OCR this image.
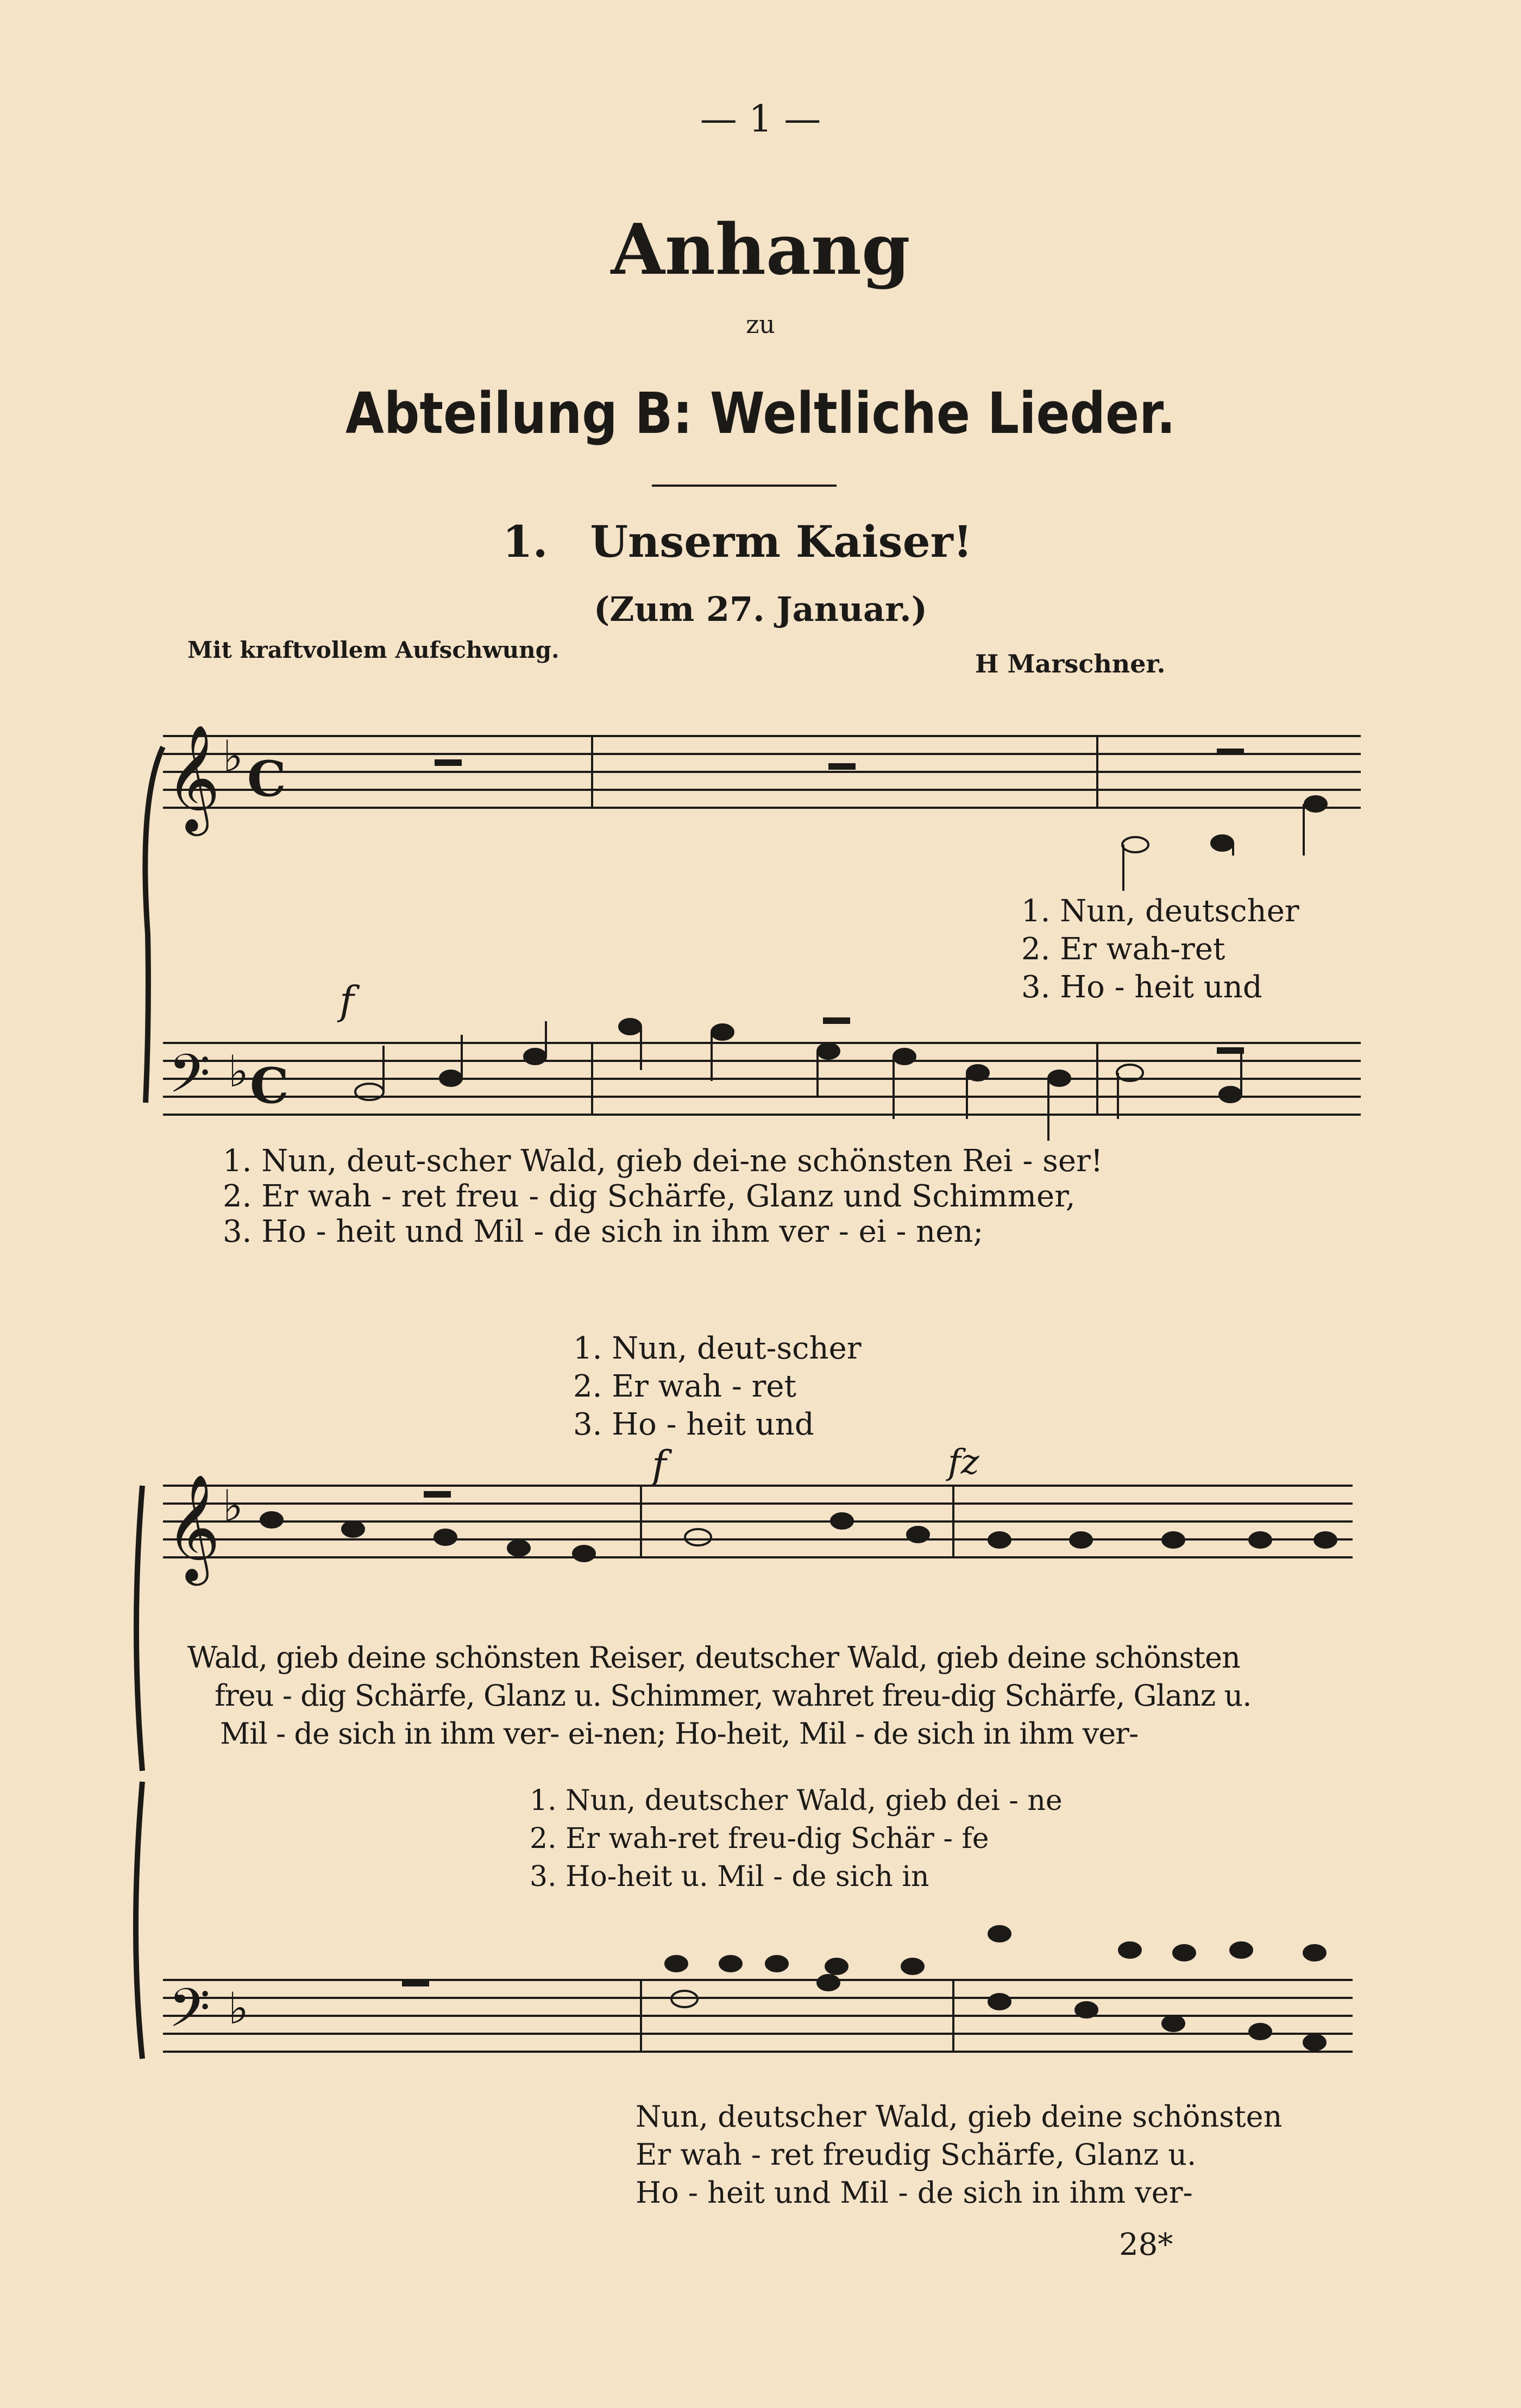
— 1 —
Anhang
zu
Abteilung B: Weltliche Lieder.
1. Unserm Kaiser!
(Zum 27. Januar.)
Mit kraftvollem Aufschwung.	H Marschner.
𝄞 ♭ C
𝄢 ♭ C
𝄞 ♭
𝄢 ♭
f
f	fz
1. Nun, deutscher
2. Er wah-ret
3. Ho - heit und
1. Nun, deut-scher Wald, gieb dei-ne schönsten Rei - ser!
2. Er wah - ret freu - dig Schärfe, Glanz und Schimmer,
3. Ho - heit und Mil - de sich in ihm ver - ei - nen;
1. Nun, deut-scher
2. Er wah - ret
3. Ho - heit und
Wald, gieb deine schönsten Reiser, deutscher Wald, gieb deine schönsten
freu - dig Schärfe, Glanz u. Schimmer, wahret freu-dig Schärfe, Glanz u.
Mil - de sich in ihm ver- ei-nen; Ho-heit, Mil - de sich in ihm ver-
1. Nun, deutscher Wald, gieb dei - ne
2. Er wah-ret freu-dig Schär - fe
3. Ho-heit u. Mil - de sich in
Nun, deutscher Wald, gieb deine schönsten
Er wah - ret freudig Schärfe, Glanz u.
Ho - heit und Mil - de sich in ihm ver-
28*
